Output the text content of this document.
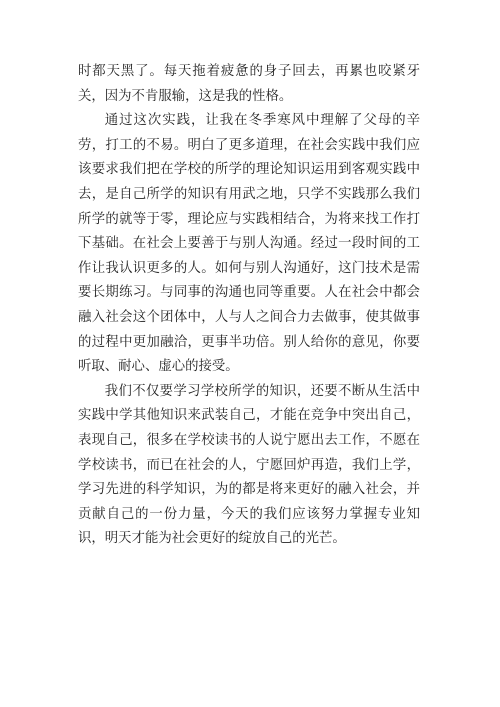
时都天黑了。每天拖着疲惫的身子回去，再累也咬紧牙关，因为不肯服输，这是我的性格。

通过这次实践，让我在冬季寒风中理解了父母的辛劳，打工的不易。明白了更多道理，在社会实践中我们应该要求我们把在学校的所学的理论知识运用到客观实践中去，是自己所学的知识有用武之地，只学不实践那么我们所学的就等于零，理论应与实践相结合，为将来找工作打下基础。在社会上要善于与别人沟通。经过一段时间的工作让我认识更多的人。如何与别人沟通好，这门技术是需要长期练习。与同事的沟通也同等重要。人在社会中都会融入社会这个团体中，人与人之间合力去做事，使其做事的过程中更加融洽，更事半功倍。别人给你的意见，你要听取、耐心、虚心的接受。

我们不仅要学习学校所学的知识，还要不断从生活中实践中学其他知识来武装自己，才能在竞争中突出自己，表现自己，很多在学校读书的人说宁愿出去工作，不愿在学校读书，而已在社会的人，宁愿回炉再造，我们上学，学习先进的科学知识，为的都是将来更好的融入社会，并贡献自己的一份力量，今天的我们应该努力掌握专业知识，明天才能为社会更好的绽放自己的光芒。
